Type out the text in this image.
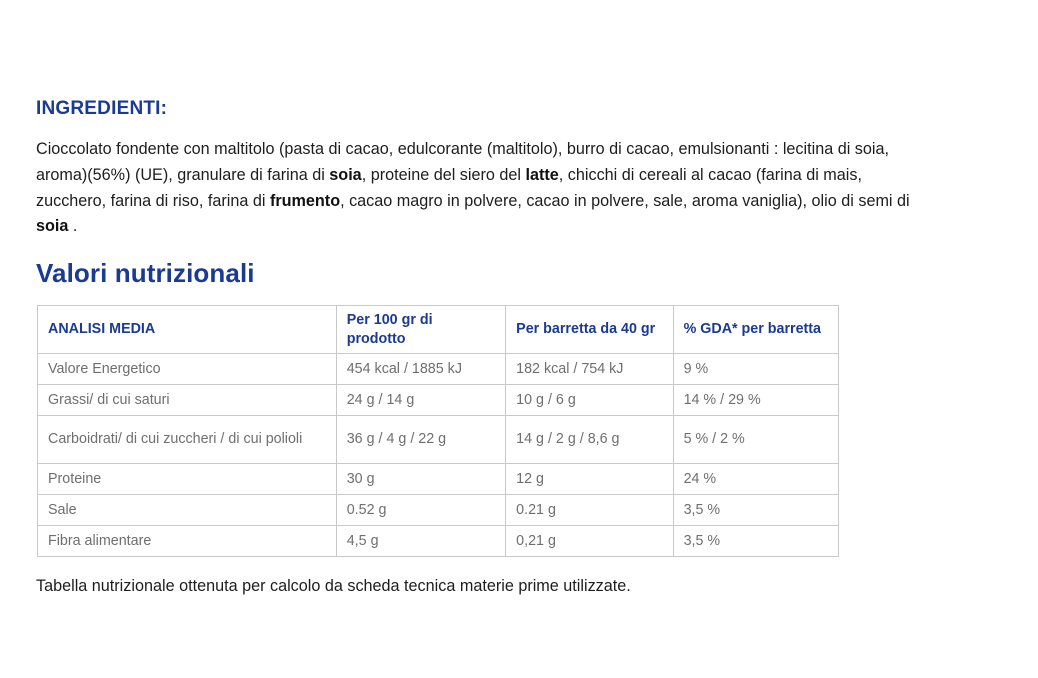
INGREDIENTI:

Cioccolato fondente con maltitolo (pasta di cacao, edulcorante (maltitolo), burro di cacao, emulsionanti : lecitina di soia, aroma)(56%) (UE), granulare di farina di soia, proteine del siero del latte, chicchi di cereali al cacao (farina di mais, zucchero, farina di riso, farina di frumento, cacao magro in polvere, cacao in polvere, sale, aroma vaniglia), olio di semi di soia .

Valori nutrizionali
ANALISI MEDIA	Per 100 gr di prodotto	Per barretta da 40 gr	% GDA* per barretta
Valore Energetico	454 kcal / 1885 kJ	182 kcal / 754 kJ	9 %
Grassi/ di cui saturi	24 g / 14 g	10 g / 6 g	14 % / 29 %
Carboidrati/ di cui zuccheri / di cui polioli	36 g / 4 g / 22 g	14 g / 2 g / 8,6 g	5 % / 2 %
Proteine	30 g	12 g	24 %
Sale	0.52 g	0.21 g	3,5 %
Fibra alimentare	4,5 g	0,21 g	3,5 %

Tabella nutrizionale ottenuta per calcolo da scheda tecnica materie prime utilizzate.
